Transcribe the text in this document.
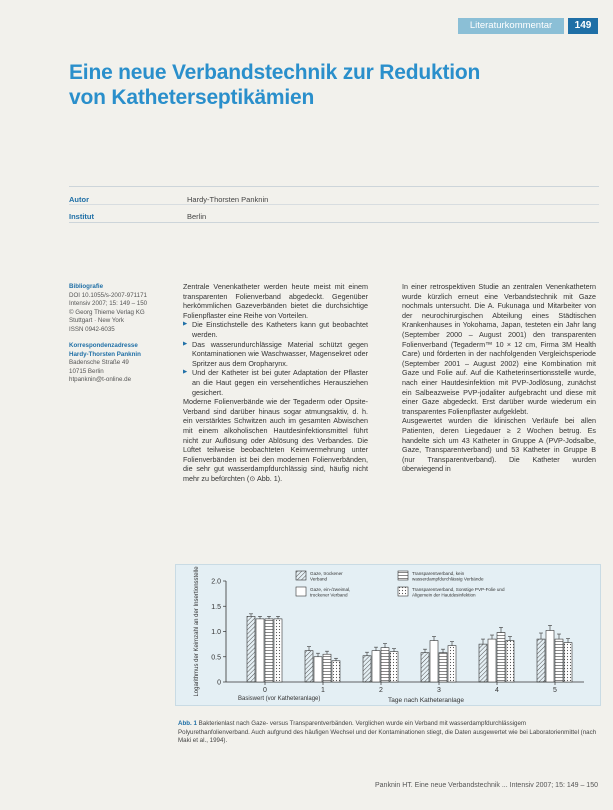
Literaturkommentar	149
Eine neue Verbandstechnik zur Reduktion von Katheterseptikämien
Autor	Hardy-Thorsten Panknin
Institut	Berlin
Bibliografie
DOI 10.1055/s-2007-971171
Intensiv 2007; 15: 149 – 150
© Georg Thieme Verlag KG
Stuttgart · New York
ISSN 0942-6035
Korrespondenzadresse
Hardy-Thorsten Panknin
Badensche Straße 49
10715 Berlin
htpanknin@t-online.de

Zentrale Venenkatheter werden heute meist mit einem transparenten Folienverband abgedeckt. Gegenüber herkömmlichen Gazeverbänden bietet die durchsichtige Folienpflaster eine Reihe von Vorteilen.

▶ Die Einstichstelle des Katheters kann gut beobachtet werden.
▶ Das wasserundurchlässige Material schützt gegen Kontaminationen wie Waschwasser, Magensekret oder Spritzer aus dem Oropharynx.
▶ Und der Katheter ist bei guter Adaptation der Pflaster an die Haut gegen ein versehentliches Herausziehen gesichert.

Moderne Folienverbände wie der Tegaderm oder Opsite-Verband sind darüber hinaus sogar atmungsaktiv, d. h. ein verstärktes Schwitzen auch im gesamten Abwischen mit einem alkoholischen Hautdesinfektionsmittel führt nicht zur Auflösung oder Ablösung des Verbandes. Die Lüftet teilweise beobachteten Keimvermehrung unter Folienverbänden ist bei den modernen Folienverbänden, die sehr gut wasserdampfdurchlässig sind, häufig nicht mehr zu befürchten (⊙ Abb. 1).

In einer retrospektiven Studie an zentralen Venenkathetern wurde kürzlich erneut eine Verbandstechnik mit Gaze nochmals untersucht. Die A. Fukunaga und Mitarbeiter von der neurochirurgischen Abteilung eines Städtischen Krankenhauses in Yokohama, Japan, testeten ein Jahr lang (September 2000 – August 2001) den transparenten Folienverband (Tegaderm™ 10 × 12 cm, Firma 3M Health Care) und förderten in der nachfolgenden Vergleichsperiode (September 2001 – August 2002) eine Kombination mit Gaze und Folie auf. Auf die Katheterinsertionsstelle wurde, nach einer Hautdesinfektion mit PVP-Jodlösung, zunächst ein Salbeazweise PVP-jodaliter aufgebracht und diese mit einer Gaze abgedeckt. Erst darüber wurde wiederum ein transparentes Folienpflaster aufgeklebt.

Ausgewertet wurden die klinischen Verläufe bei allen Patienten, deren Liegedauer ≥ 2 Wochen betrug. Es handelte sich um 43 Katheter in Gruppe A (PVP-Jodsalbe, Gaze, Transparentverband) und 53 Katheter in Gruppe B (nur Transparentverband). Die Katheter wurden überwiegend in

Gaze, trockener Verband
Gaze, ein-/zweimal, trockener Verband
Transparentverband, kein wasserdampfdurchlässig Verbände
Transparentverband, Sonstige PVP-Folie und Aligemein der Hautdesinfektion
0
0.5
1.0
1.5
2.0
Logarithmus der Keimzahl an der Insertionsstelle	0	1	2	3	4	5
Basiswert (vor Katheteranlage)	Tage nach Katheteranlage
Abb. 1 Bakterienlast nach Gaze- versus Transparentverbänden. Verglichen wurde ein Verband mit wasserdampfdurchlässigem Polyurethanfolienverband. Auch aufgrund des häufigen Wechsel und der Kontaminationen stiegt, die Daten ausgewertet wie bei Laboratorienmittel (nach Maki et al., 1994).
Panknin HT. Eine neue Verbandstechnik ... Intensiv 2007; 15: 149 – 150
